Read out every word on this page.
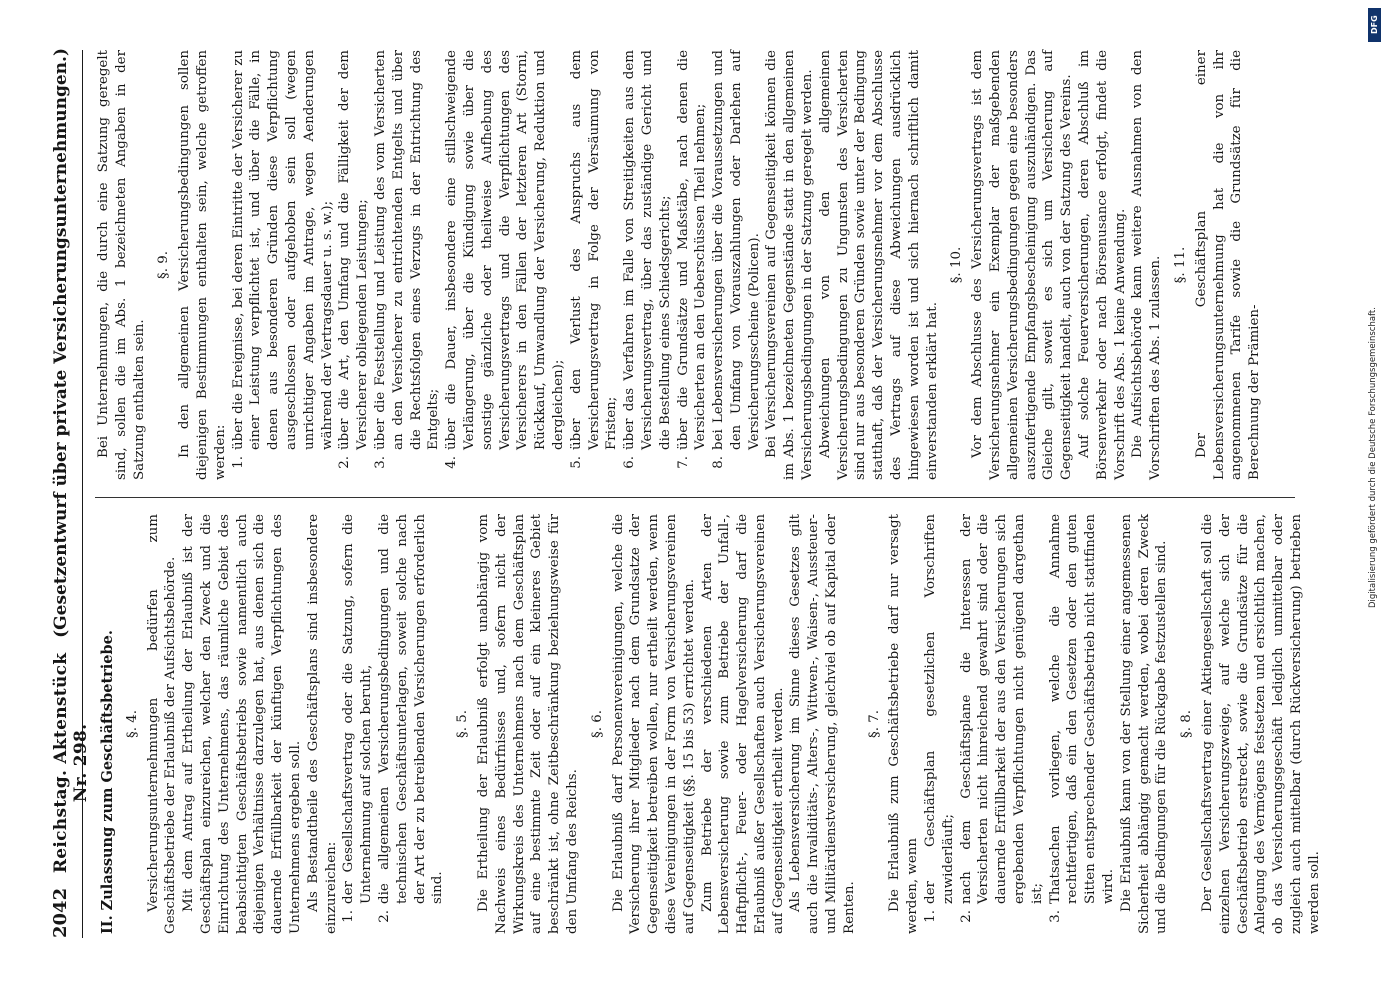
2042
Reichstag. Aktenstück Nr. 298.
(Gesetzentwurf über private Versicherungsunternehmungen.)
II. Zulassung zum Geschäftsbetriebe. §. 4. Versicherungsunternehmungen bedürfen zum Geschäftsbetriebe der Erlaubniß der Aufsichtsbehörde. Mit dem Antrag auf Ertheilung der Erlaubniß ist der Geschäftsplan einzureichen, welcher den Zweck und die Einrichtung des Unternehmens, das räumliche Gebiet des beabsichtigten Geschäftsbetriebs sowie namentlich auch diejenigen Verhältnisse darzulegen hat, aus denen sich die dauernde Erfüllbarkeit der künftigen Verpflichtungen des Unternehmens ergeben soll. Als Bestandtheile des Geschäftsplans sind insbesondere einzureichen: 1.
der Gesellschaftsvertrag oder die Satzung, sofern die Unternehmung auf solchen beruht,
2.
die allgemeinen Versicherungsbedingungen und die technischen Geschäftsunterlagen, soweit solche nach der Art der zu betreibenden Versicherungen erforderlich sind.
§. 5. Die Ertheilung der Erlaubniß erfolgt unabhängig vom Nachweis eines Bedürfnisses und, sofern nicht der Wirkungskreis des Unternehmens nach dem Geschäftsplan auf eine bestimmte Zeit oder auf ein kleineres Gebiet beschränkt ist, ohne Zeitbeschränkung beziehungsweise für den Umfang des Reichs.

§. 6. Die Erlaubniß darf Personenvereinigungen, welche die Versicherung ihrer Mitglieder nach dem Grundsatze der Gegenseitigkeit betreiben wollen, nur ertheilt werden, wenn diese Vereinigungen in der Form von Versicherungsvereinen auf Gegenseitigkeit (§§. 15 bis 53) errichtet werden. Zum Betriebe der verschiedenen Arten der Lebensversicherung sowie zum Betriebe der Unfall-, Haftpflicht-, Feuer- oder Hagelversicherung darf die Erlaubniß außer Gesellschaften auch Versicherungsvereinen auf Gegenseitigkeit ertheilt werden. Als Lebensversicherung im Sinne dieses Gesetzes gilt auch die Invaliditäts-, Alters-, Wittwen-, Waisen-, Aussteuer- und Militärdienstversicherung, gleichviel ob auf Kapital oder Renten.

§. 7. Die Erlaubniß zum Geschäftsbetriebe darf nur versagt werden, wenn 1.
der Geschäftsplan gesetzlichen Vorschriften zuwiderläuft;
2.
nach dem Geschäftsplane die Interessen der Versicherten nicht hinreichend gewahrt sind oder die dauernde Erfüllbarkeit der aus den Versicherungen sich ergebenden Verpflichtungen nicht genügend dargethan ist;
3.
Thatsachen vorliegen, welche die Annahme rechtfertigen, daß ein den Gesetzen oder den guten Sitten entsprechender Geschäftsbetrieb nicht stattfinden wird. Die Erlaubniß kann von der Stellung einer angemessenen Sicherheit abhängig gemacht werden, wobei deren Zweck und die Bedingungen für die Rückgabe festzustellen sind. §. 8. Der Gesellschaftsvertrag einer Aktiengesellschaft soll die einzelnen Versicherungszweige, auf welche sich der Geschäftsbetrieb erstreckt, sowie die Grundsätze für die Anlegung des Vermögens festsetzen und ersichtlich machen, ob das Versicherungsgeschäft lediglich unmittelbar oder zugleich auch mittelbar (durch Rückversicherung) betrieben werden soll.

Bei Unternehmungen, die durch eine Satzung geregelt sind, sollen die im Abs. 1 bezeichneten Angaben in der Satzung enthalten sein.

§. 9. In den allgemeinen Versicherungsbedingungen sollen diejenigen Bestimmungen enthalten sein, welche getroffen werden: 1.
über die Ereignisse, bei deren Eintritte der Versicherer zu einer Leistung verpflichtet ist, und über die Fälle, in denen aus besonderen Gründen diese Verpflichtung ausgeschlossen oder aufgehoben sein soll (wegen unrichtiger Angaben im Antrage, wegen Aenderungen während der Vertragsdauer u. s. w.);
2.
über die Art, den Umfang und die Fälligkeit der dem Versicherer obliegenden Leistungen;
3.
über die Feststellung und Leistung des vom Versicherten an den Versicherer zu entrichtenden Entgelts und über die Rechtsfolgen eines Verzugs in der Entrichtung des Entgelts;
4.
über die Dauer, insbesondere eine stillschweigende Verlängerung, über die Kündigung sowie über die sonstige gänzliche oder theilweise Aufhebung des Versicherungsvertrags und die Verpflichtungen des Versicherers in den Fällen der letzteren Art (Storni, Rückkauf, Umwandlung der Versicherung, Reduktion und dergleichen);
5.
über den Verlust des Anspruchs aus dem Versicherungsvertrag in Folge der Versäumung von Fristen;
6.
über das Verfahren im Falle von Streitigkeiten aus dem Versicherungsvertrag, über das zuständige Gericht und die Bestellung eines Schiedsgerichts;
7.
über die Grundsätze und Maßstäbe, nach denen die Versicherten an den Ueberschüssen Theil nehmen;
8.
bei Lebensversicherungen über die Voraussetzungen und den Umfang von Vorauszahlungen oder Darlehen auf Versicherungsscheine (Policen). Bei Versicherungsvereinen auf Gegenseitigkeit können die im Abs. 1 bezeichneten Gegenstände statt in den allgemeinen Versicherungsbedingungen in der Satzung geregelt werden. Abweichungen von den allgemeinen Versicherungsbedingungen zu Ungunsten des Versicherten sind nur aus besonderen Gründen sowie unter der Bedingung statthaft, daß der Versicherungsnehmer vor dem Abschlusse des Vertrags auf diese Abweichungen ausdrücklich hingewiesen worden ist und sich hiernach schriftlich damit einverstanden erklärt hat.

§. 10. Vor dem Abschlusse des Versicherungsvertrags ist dem Versicherungsnehmer ein Exemplar der maßgebenden allgemeinen Versicherungsbedingungen gegen eine besonders auszufertigende Empfangsbescheinigung auszuhändigen. Das Gleiche gilt, soweit es sich um Versicherung auf Gegenseitigkeit handelt, auch von der Satzung des Vereins. Auf solche Feuerversicherungen, deren Abschluß im Börsenverkehr oder nach Börsenusance erfolgt, findet die Vorschrift des Abs. 1 keine Anwendung. Die Aufsichtsbehörde kann weitere Ausnahmen von den Vorschriften des Abs. 1 zulassen. §. 11. Der Geschäftsplan einer Lebensversicherungsunternehmung hat die von ihr angenommenen Tarife sowie die Grundsätze für die Berechnung der Prämien-

DFG
Digitalisierung gefördert durch die Deutsche Forschungsgemeinschaft.
